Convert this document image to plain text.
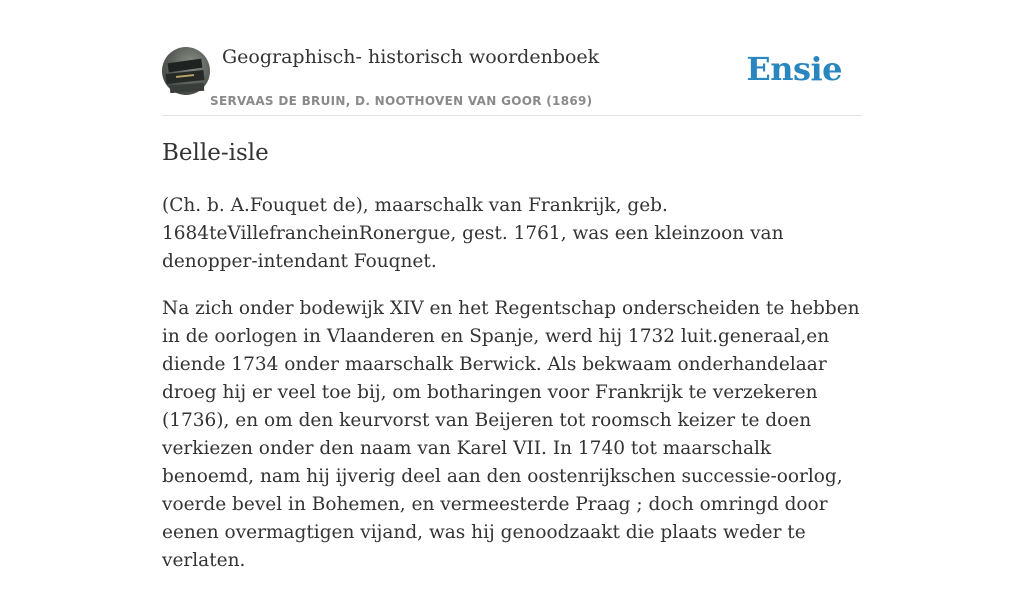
Geographisch- historisch woordenboek
SERVAAS DE BRUIN, D. NOOTHOVEN VAN GOOR (1869)
Ensie
Belle-isle

(Ch. b. A.Fouquet de), maarschalk van Frankrijk, geb. 1684teVillefrancheinRonergue, gest. 1761, was een kleinzoon van denopper-intendant Fouqnet.

Na zich onder bodewijk XIV en het Regentschap onderscheiden te hebben in de oorlogen in Vlaanderen en Spanje, werd hij 1732 luit.generaal,en diende 1734 onder maarschalk Berwick. Als bekwaam onderhandelaar droeg hij er veel toe bij, om botharingen voor Frankrijk te verzekeren (1736), en om den keurvorst van Beijeren tot roomsch keizer te doen verkiezen onder den naam van Karel VII. In 1740 tot maarschalk benoemd, nam hij ijverig deel aan den oostenrijkschen successie-oorlog, voerde bevel in Bohemen, en vermeesterde Praag ; doch omringd door eenen overmagtigen vijand, was hij genoodzaakt die plaats weder te verlaten.
